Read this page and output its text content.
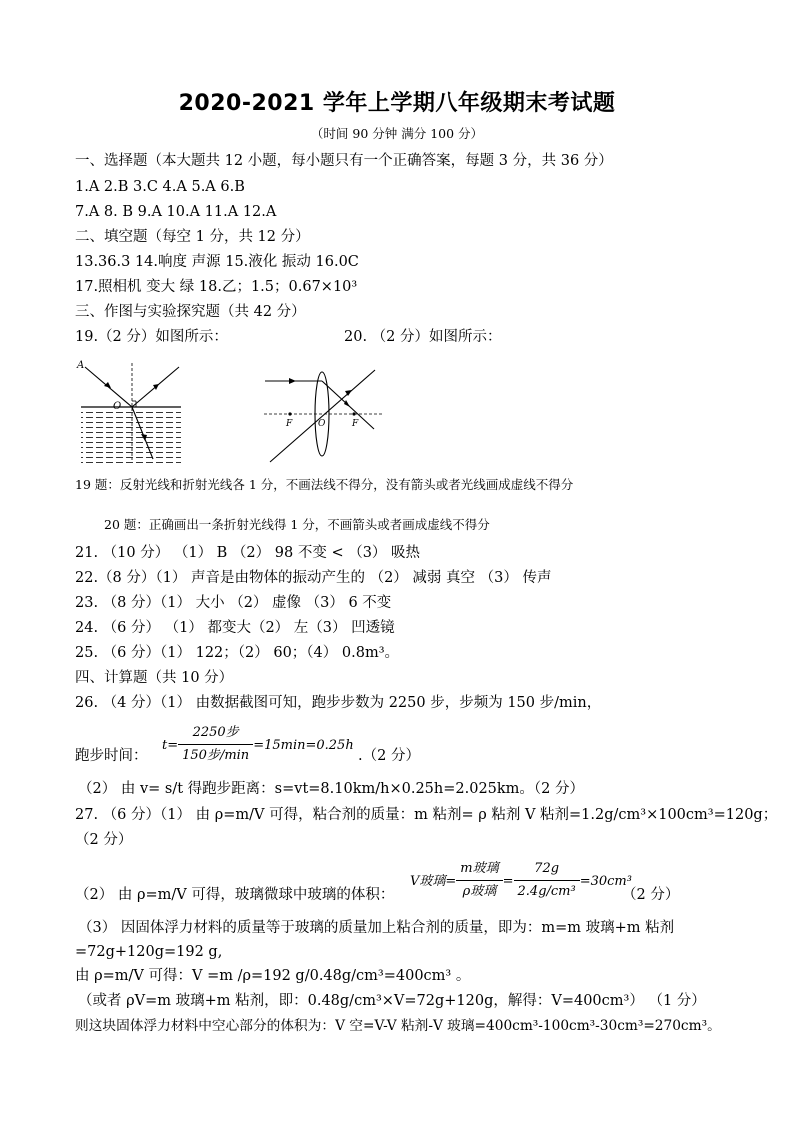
2020-2021 学年上学期八年级期末考试题
（时间 90 分钟 满分 100 分）
一、选择题（本大题共 12 小题，每小题只有一个正确答案，每题 3 分，共 36 分）
1.A 2.B 3.C 4.A 5.A 6.B
7.A 8. B 9.A 10.A 11.A 12.A
二、填空题（每空 1 分，共 12 分）
13.36.3 14.响度 声源 15.液化 振动 16.0C
17.照相机 变大 绿 18.乙；1.5；0.67×10³
三、作图与实验探究题（共 42 分）
19.（2 分）如图所示：	20. （2 分）如图所示：
A
O
F	O	F
19 题：反射光线和折射光线各 1 分，不画法线不得分，没有箭头或者光线画成虚线不得分
20 题：正确画出一条折射光线得 1 分，不画箭头或者画成虚线不得分
21. （10 分） （1） B （2） 98 不变 < （3） 吸热
22.（8 分）（1） 声音是由物体的振动产生的 （2） 减弱 真空 （3） 传声
23. （8 分）（1） 大小 （2） 虚像 （3） 6 不变
24. （6 分） （1） 都变大（2） 左（3） 凹透镜
25. （6 分）（1） 122；（2） 60；（4） 0.8m³。
四、计算题（共 10 分）
26. （4 分）（1） 由数据截图可知，跑步步数为 2250 步，步频为 150 步/min，
跑步时间：
$t= \frac{\text{2250步}}{\text{150步/min}} =15\min=0.25h$
.（2 分）
（2） 由 v= s/t 得跑步距离：s=vt=8.10km/h×0.25h=2.025km。（2 分）
27. （6 分）（1） 由 ρ=m/V 可得，粘合剂的质量：m 粘剂= ρ 粘剂 V 粘剂=1.2g/cm³×100cm³=120g；
（2 分）
（2） 由 ρ=m/V 可得，玻璃微球中玻璃的体积：
V玻璃= $\frac{\text{m玻璃}}{\text{ρ玻璃}} = \frac{72g}{\text{2.4g/cm³}} =30cm^3$
（2 分）
（3） 因固体浮力材料的质量等于玻璃的质量加上粘合剂的质量，即为：m=m 玻璃+m 粘剂
=72g+120g=192 g,
由 ρ=m/V 可得：V =m /ρ=192 g/0.48g/cm³=400cm³ 。
（或者 ρV=m 玻璃+m 粘剂，即：0.48g/cm³×V=72g+120g，解得：V=400cm³） （1 分）
则这块固体浮力材料中空心部分的体积为：V 空=V-V 粘剂-V 玻璃=400cm³-100cm³-30cm³=270cm³。
